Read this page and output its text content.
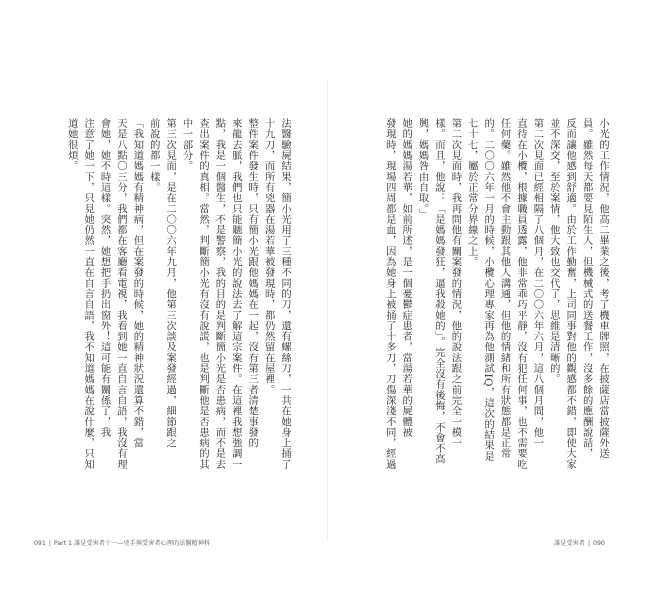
法醫驗屍結果，簡小光用了三種不同的刀，還有螺絲刀，一共在她身上捅了

十九刀，而所有兇器在湯若華被發現時，都仍然留在屋裡。

整件案件發生時，只有簡小光跟他媽媽在一起，沒有第三者清楚事發的

來龍去脈，我們也只能聽簡小光的說法去了解這宗案件。在這裡我想強調一

點，我是一個醫生，不是警察，我的目的是判斷簡小光是否患病，而不是去

查出案件的真相。當然，判斷簡小光有沒有說謊，也是判斷他是否患病的其

中一部分。

第三次見面，是在二〇〇六年九月，他第三次談及案發經過，細節跟之

前說的都一樣。

「我知道媽媽有精神病，但在案發的時候，她的精神狀況還算不錯，當

天是八點〇三分，我們都在客廳看電視，我看到她一直自言自語，我沒有理

會她，她不時這樣。突然，她想把手扔出窗外！這可能有關係了，我

注意了她一下，只見她仍然一直在自言自語，我不知道媽媽在說什麼，只知

道她很煩。	小光的工作情況，他高二畢業之後，考了機車牌照，在披薩店當披薩外送

員。雖然每天都要見陌生人，但機械式的送餐工作，沒多餘的應酬說話，

反而讓他感到舒適。由於工作勤奮，上司同事對他的觀感都不錯，即使大家

並不深交，至於案情，他大致也交代了，思維是清晰的。

第二次見面已經相隔了八個月，在二〇〇六年六月，這八個月間，他一

直待在小欖，根據職員透露，他非常乖巧平靜，沒有犯任何事，也不需要吃

任何藥。雖然他不會主動跟其他人溝通，但他的情緒和所有狀態都是正常

的。二〇〇六年一月的時候，小欖心理專家再為他測試IQ，這次的結果是

七十七，屬於正常分界線之上。

第二次見面時，我再問他有關案發的情況，他的說法跟之前完全一模一

樣。而且，他說：「是媽媽發狂，逼我殺她的」。完全沒有後悔，不會不高

興，媽媽咎由自取。」

她的媽媽湯若華，如前所述，是一個憂鬱症患者，當湯若華的屍體被

發現時，現場四周都是血，因為她身上被捅了十多刀，刀傷深淺不同，經過

091 | Part 1 誰是受害者十一—兇手與受害者心理的法醫精神科	誰是受害者 | 090
